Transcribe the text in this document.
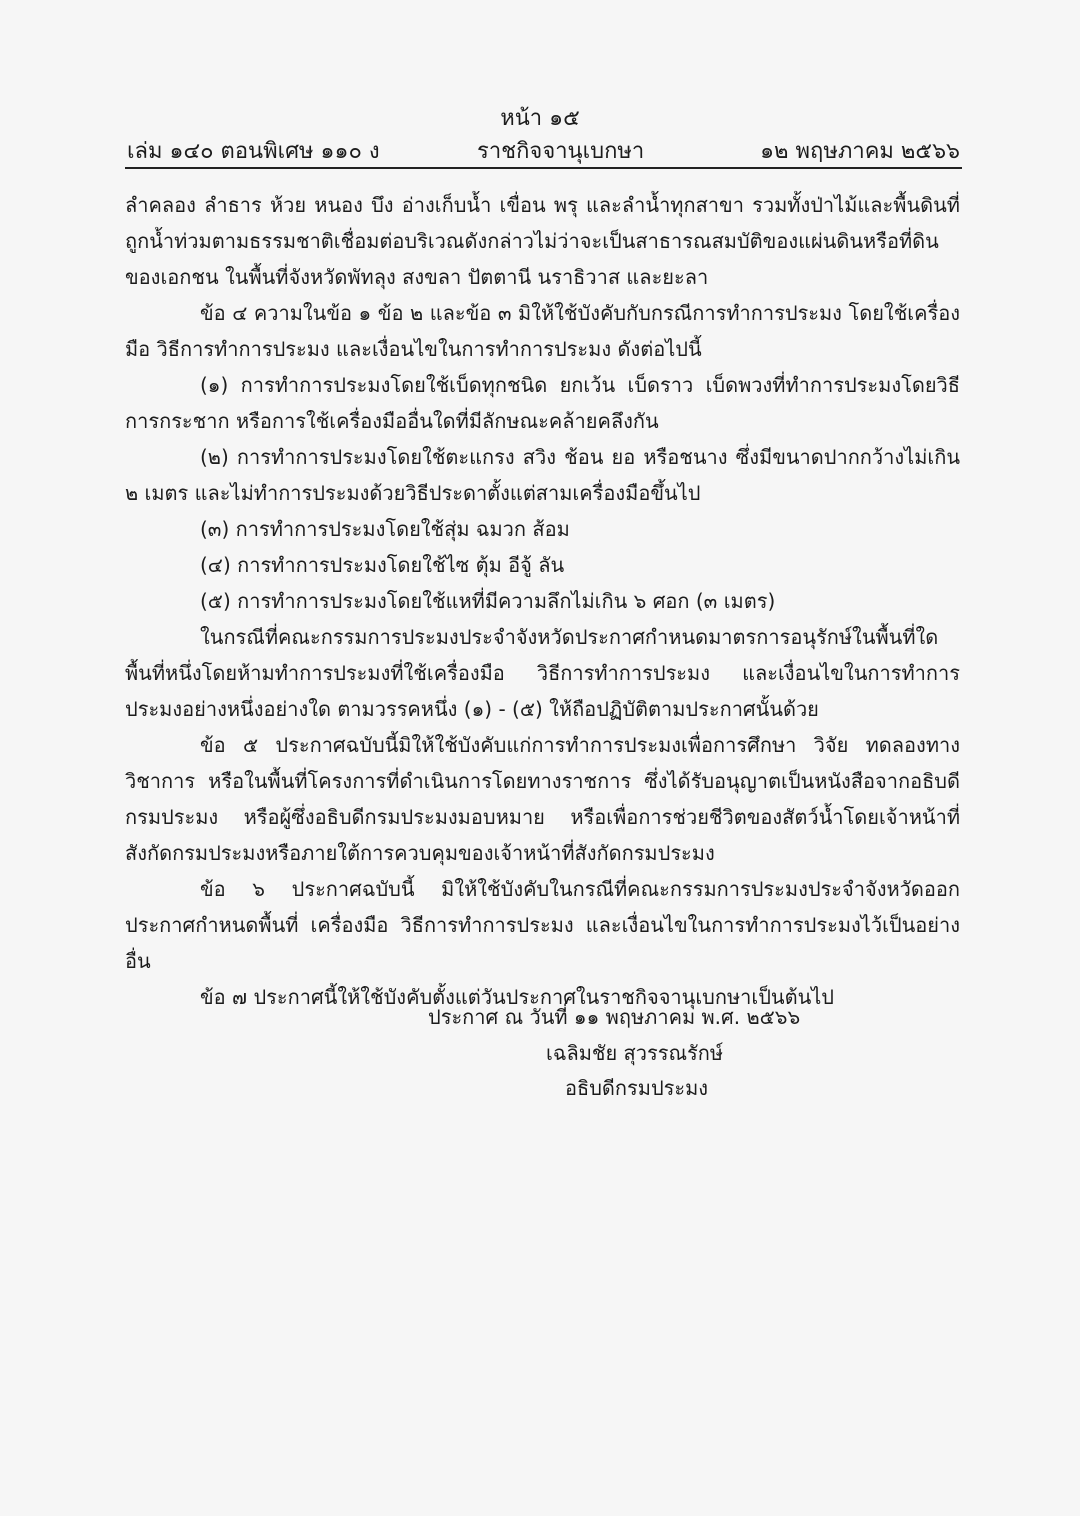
หน้า ๑๕
เล่ม ๑๔๐ ตอนพิเศษ ๑๑๐ ง	ราชกิจจานุเบกษา	๑๒ พฤษภาคม ๒๕๖๖

ลำคลอง ลำธาร ห้วย หนอง บึง อ่างเก็บน้ำ เขื่อน พรุ และลำน้ำทุกสาขา รวมทั้งป่าไม้และพื้นดินที่ถูกน้ำท่วมตามธรรมชาติเชื่อมต่อบริเวณดังกล่าวไม่ว่าจะเป็นสาธารณสมบัติของแผ่นดินหรือที่ดินของเอกชน ในพื้นที่จังหวัดพัทลุง สงขลา ปัตตานี นราธิวาส และยะลา

ข้อ ๔ ความในข้อ ๑ ข้อ ๒ และข้อ ๓ มิให้ใช้บังคับกับกรณีการทำการประมง โดยใช้เครื่องมือ วิธีการทำการประมง และเงื่อนไขในการทำการประมง ดังต่อไปนี้

(๑) การทำการประมงโดยใช้เบ็ดทุกชนิด ยกเว้น เบ็ดราว เบ็ดพวงที่ทำการประมงโดยวิธีการกระชาก หรือการใช้เครื่องมืออื่นใดที่มีลักษณะคล้ายคลึงกัน

(๒) การทำการประมงโดยใช้ตะแกรง สวิง ช้อน ยอ หรือชนาง ซึ่งมีขนาดปากกว้างไม่เกิน ๒ เมตร และไม่ทำการประมงด้วยวิธีประดาตั้งแต่สามเครื่องมือขึ้นไป

(๓) การทำการประมงโดยใช้สุ่ม ฉมวก ส้อม

(๔) การทำการประมงโดยใช้ไซ ตุ้ม อีจู้ ลัน

(๕) การทำการประมงโดยใช้แหที่มีความลึกไม่เกิน ๖ ศอก (๓ เมตร)

ในกรณีที่คณะกรรมการประมงประจำจังหวัดประกาศกำหนดมาตรการอนุรักษ์ในพื้นที่ใดพื้นที่หนึ่งโดยห้ามทำการประมงที่ใช้เครื่องมือ วิธีการทำการประมง และเงื่อนไขในการทำการประมงอย่างหนึ่งอย่างใด ตามวรรคหนึ่ง (๑) - (๕) ให้ถือปฏิบัติตามประกาศนั้นด้วย

ข้อ ๕ ประกาศฉบับนี้มิให้ใช้บังคับแก่การทำการประมงเพื่อการศึกษา วิจัย ทดลองทางวิชาการ หรือในพื้นที่โครงการที่ดำเนินการโดยทางราชการ ซึ่งได้รับอนุญาตเป็นหนังสือจากอธิบดีกรมประมง หรือผู้ซึ่งอธิบดีกรมประมงมอบหมาย หรือเพื่อการช่วยชีวิตของสัตว์น้ำโดยเจ้าหน้าที่สังกัดกรมประมงหรือภายใต้การควบคุมของเจ้าหน้าที่สังกัดกรมประมง

ข้อ ๖ ประกาศฉบับนี้ มิให้ใช้บังคับในกรณีที่คณะกรรมการประมงประจำจังหวัดออกประกาศกำหนดพื้นที่ เครื่องมือ วิธีการทำการประมง และเงื่อนไขในการทำการประมงไว้เป็นอย่างอื่น

ข้อ ๗ ประกาศนี้ให้ใช้บังคับตั้งแต่วันประกาศในราชกิจจานุเบกษาเป็นต้นไป

ประกาศ ณ วันที่ ๑๑ พฤษภาคม พ.ศ. ๒๕๖๖
เฉลิมชัย สุวรรณรักษ์
อธิบดีกรมประมง
